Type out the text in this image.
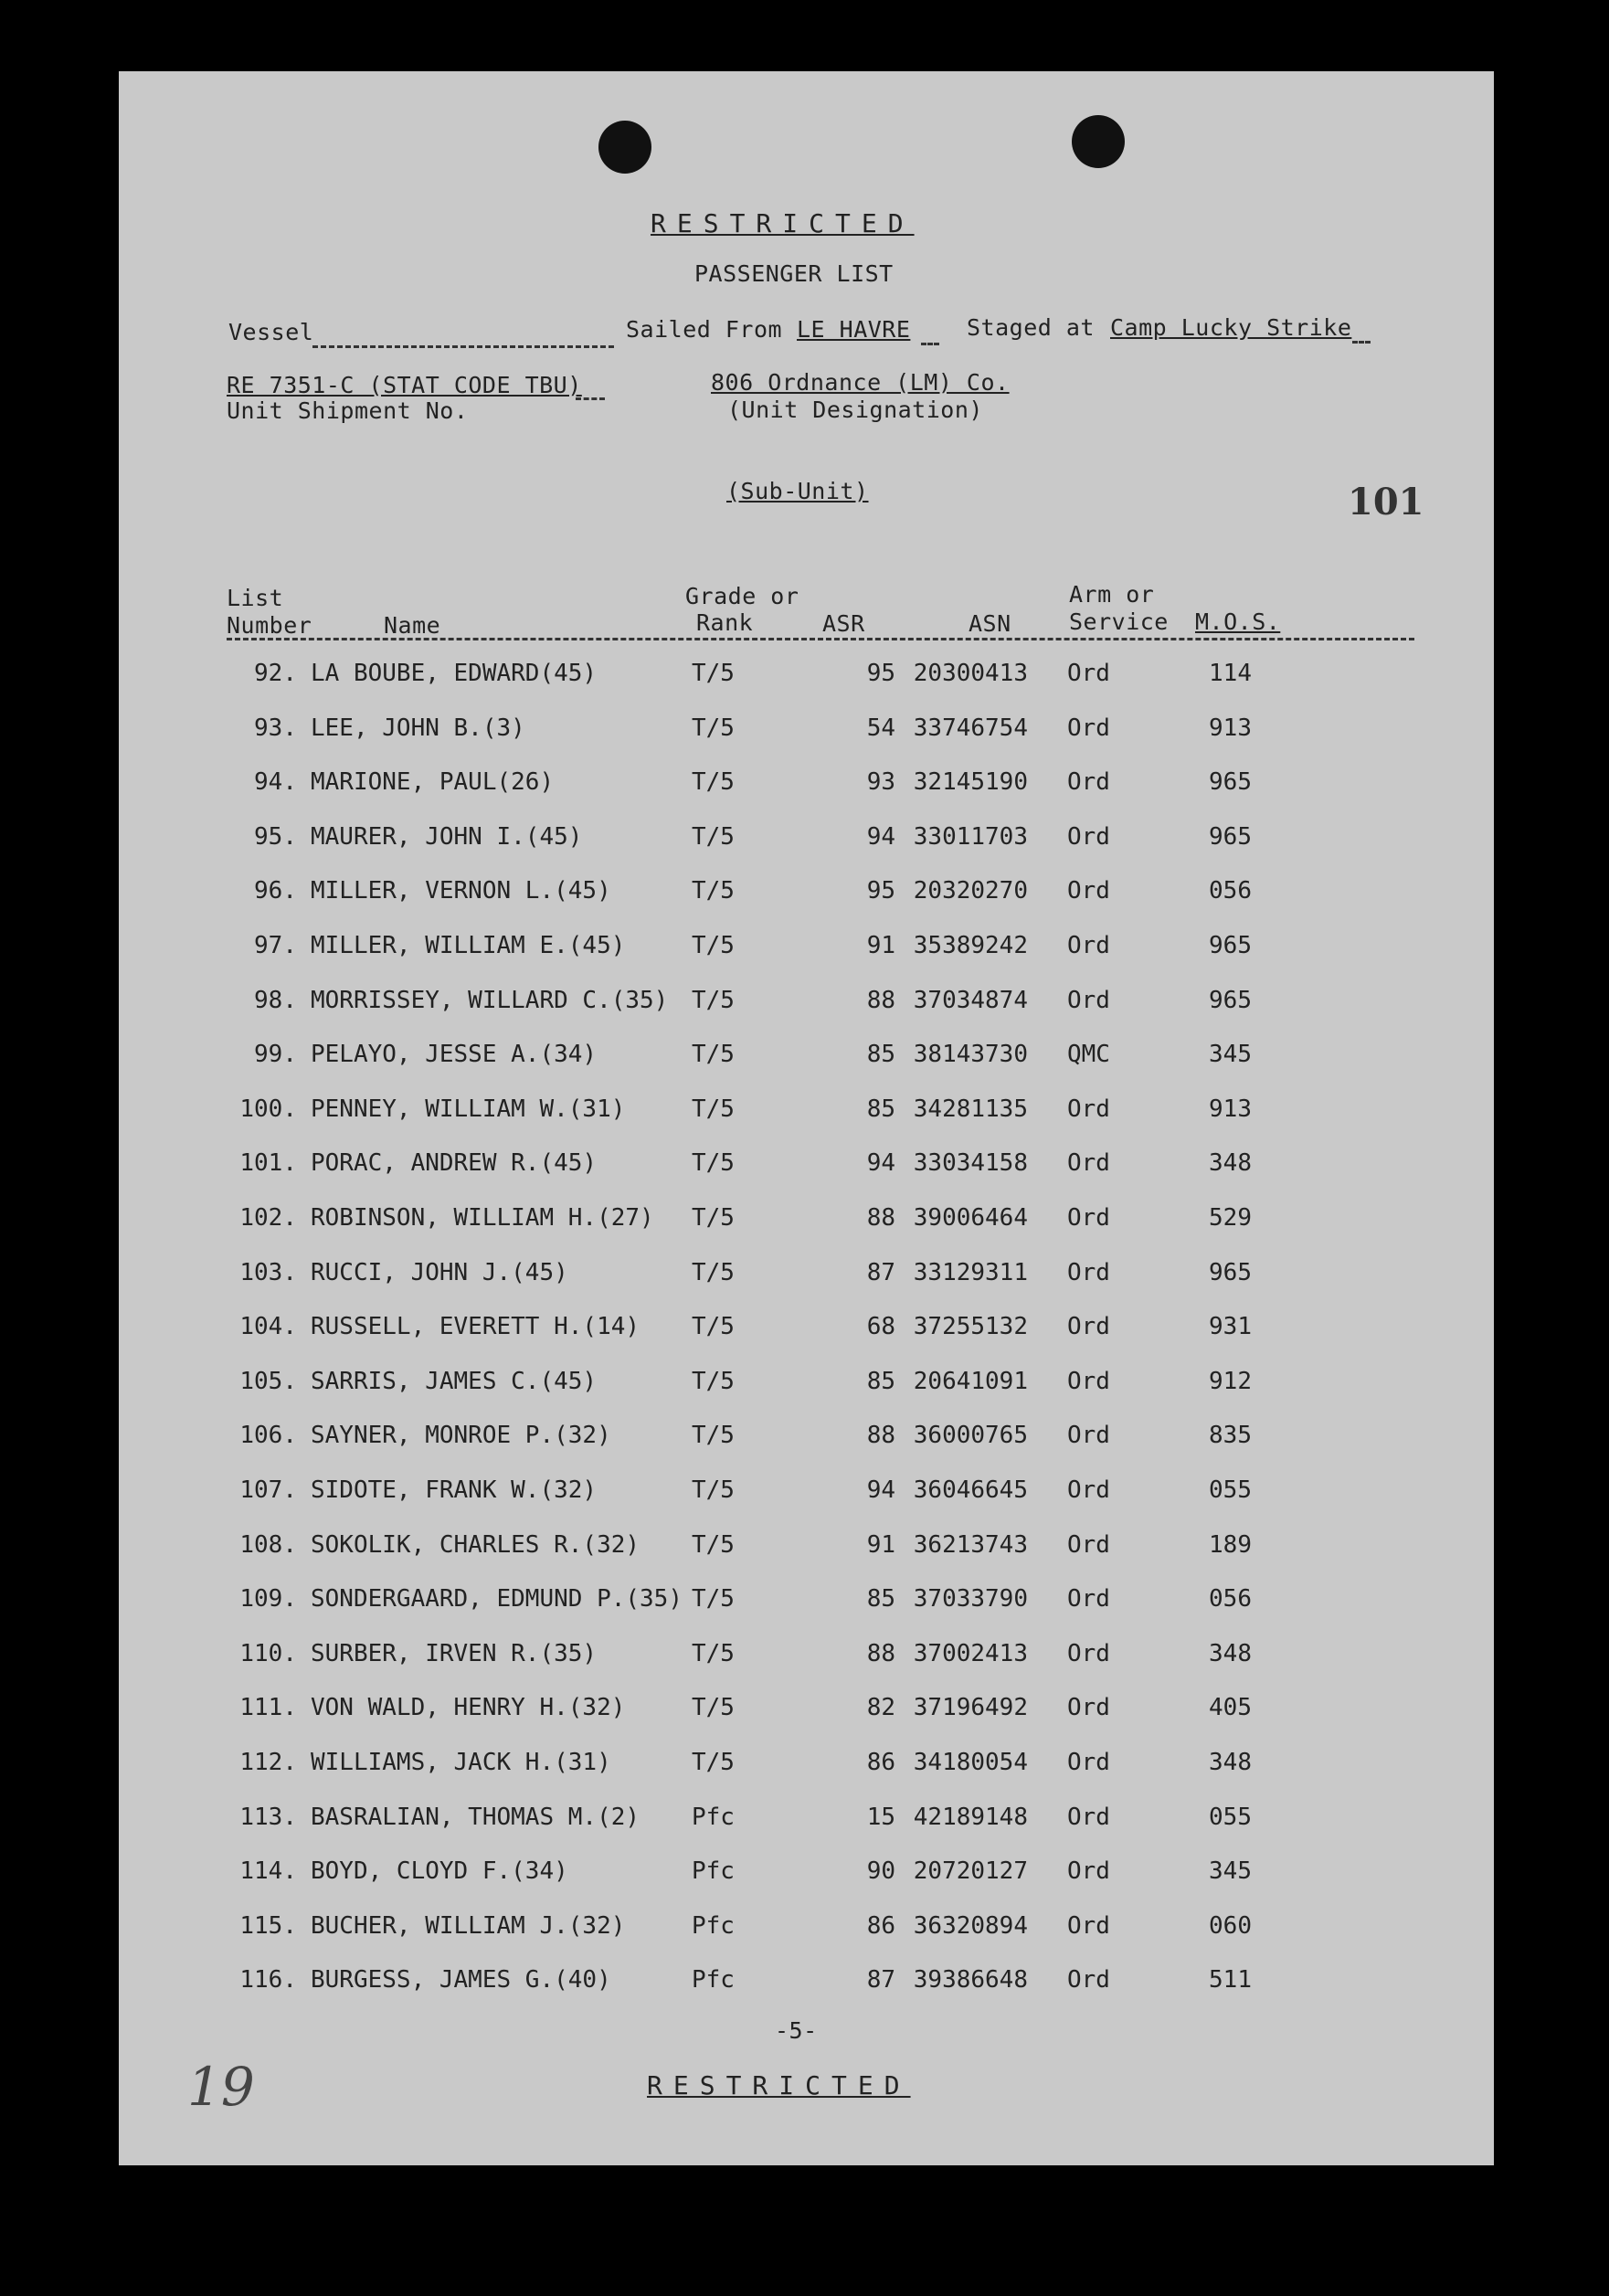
RESTRICTED
PASSENGER LIST
Vessel	Sailed From LE HAVRE Staged at Camp Lucky Strike
RE 7351-C (STAT CODE TBU)
Unit Shipment No.
806 Ordnance (LM) Co.
(Unit Designation)
(Sub-Unit)	101
List
Number	Name
Grade or
Rank	ASR	ASN
Arm or
Service M.O.S.
92. LA BOUBE, EDWARD(45)	T/5	95 20300413 Ord	114
93. LEE, JOHN B.(3)	T/5	54 33746754 Ord	913
94. MARIONE, PAUL(26)	T/5	93 32145190 Ord	965
95. MAURER, JOHN I.(45)	T/5	94 33011703 Ord	965
96. MILLER, VERNON L.(45)	T/5	95 20320270 Ord	056
97. MILLER, WILLIAM E.(45)	T/5	91 35389242 Ord	965
98. MORRISSEY, WILLARD C.(35) T/5	88 37034874 Ord	965
99. PELAYO, JESSE A.(34)	T/5	85 38143730 QMC	345
100. PENNEY, WILLIAM W.(31)	T/5	85 34281135 Ord	913
101. PORAC, ANDREW R.(45)	T/5	94 33034158 Ord	348
102. ROBINSON, WILLIAM H.(27) T/5	88 39006464 Ord	529
103. RUCCI, JOHN J.(45)	T/5	87 33129311 Ord	965
104. RUSSELL, EVERETT H.(14) T/5	68 37255132 Ord	931
105. SARRIS, JAMES C.(45)	T/5	85 20641091 Ord	912
106. SAYNER, MONROE P.(32)	T/5	88 36000765 Ord	835
107. SIDOTE, FRANK W.(32)	T/5	94 36046645 Ord	055
108. SOKOLIK, CHARLES R.(32) T/5	91 36213743 Ord	189
109. SONDERGAARD, EDMUND P.(35) T/5	85 37033790 Ord	056
110. SURBER, IRVEN R.(35)	T/5	88 37002413 Ord	348
111. VON WALD, HENRY H.(32)	T/5	82 37196492 Ord	405
112. WILLIAMS, JACK H.(31)	T/5	86 34180054 Ord	348
113. BASRALIAN, THOMAS M.(2) Pfc	15 42189148 Ord	055
114. BOYD, CLOYD F.(34)	Pfc	90 20720127 Ord	345
115. BUCHER, WILLIAM J.(32)	Pfc	86 36320894 Ord	060
116. BURGESS, JAMES G.(40)	Pfc	87 39386648 Ord	511
-5-
RESTRICTED
19
